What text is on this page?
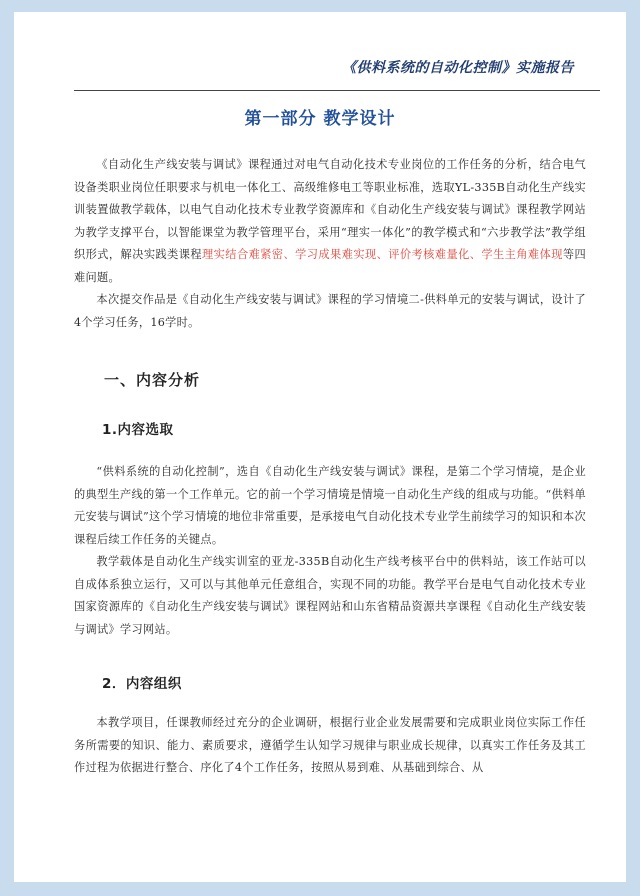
《供料系统的自动化控制》实施报告
第一部分 教学设计

《自动化生产线安装与调试》课程通过对电气自动化技术专业岗位的工作任务的分析，结合电气设备类职业岗位任职要求与机电一体化工、高级维修电工等职业标准，选取YL-335B自动化生产线实训装置做教学载体，以电气自动化技术专业教学资源库和《自动化生产线安装与调试》课程教学网站为教学支撑平台，以智能课堂为教学管理平台，采用“理实一体化”的教学模式和“六步教学法”教学组织形式，解决实践类课程理实结合难紧密、学习成果难实现、评价考核难量化、学生主角难体现等四难问题。

本次提交作品是《自动化生产线安装与调试》课程的学习情境二-供料单元的安装与调试，设计了4个学习任务，16学时。

一、内容分析
1.内容选取

“供料系统的自动化控制”，选自《自动化生产线安装与调试》课程，是第二个学习情境，是企业的典型生产线的第一个工作单元。它的前一个学习情境是情境一自动化生产线的组成与功能。“供料单元安装与调试”这个学习情境的地位非常重要，是承接电气自动化技术专业学生前续学习的知识和本次课程后续工作任务的关键点。

教学载体是自动化生产线实训室的亚龙-335B自动化生产线考核平台中的供料站，该工作站可以自成体系独立运行，又可以与其他单元任意组合，实现不同的功能。教学平台是电气自动化技术专业国家资源库的《自动化生产线安装与调试》课程网站和山东省精品资源共享课程《自动化生产线安装与调试》学习网站。

2．内容组织

本教学项目，任课教师经过充分的企业调研，根据行业企业发展需要和完成职业岗位实际工作任务所需要的知识、能力、素质要求，遵循学生认知学习规律与职业成长规律，以真实工作任务及其工作过程为依据进行整合、序化了4个工作任务，按照从易到难、从基础到综合、从
